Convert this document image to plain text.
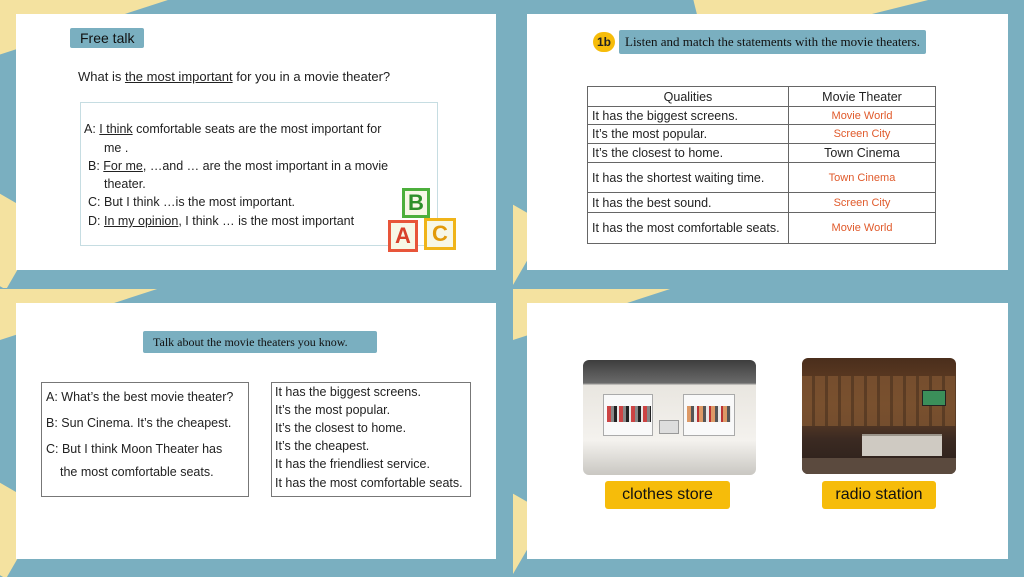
Free talk
What is the most important for you in a movie theater?
A: I think comfortable seats are the most important for
me .
B: For me, …and … are the most important in a movie
theater.
C: But I think …is the most important.
D: In my opinion, I think … is the most important
B
A C
1b	Listen and match the statements with the movie theaters.
Qualities	Movie Theater
It has the biggest screens.	Movie World
It’s the most popular.	Screen City
It’s the closest to home.	Town Cinema
It has the shortest waiting time.	Town Cinema
It has the best sound.	Screen City
It has the most comfortable seats.	Movie World
Talk about the movie theaters you know.
A: What’s the best movie theater?
B: Sun Cinema. It’s the cheapest.
C: But I think Moon Theater has
the most comfortable seats.
It has the biggest screens.
It’s the most popular.
It’s the closest to home.
It’s the cheapest.
It has the friendliest service.
It has the most comfortable seats.
clothes store	radio station
